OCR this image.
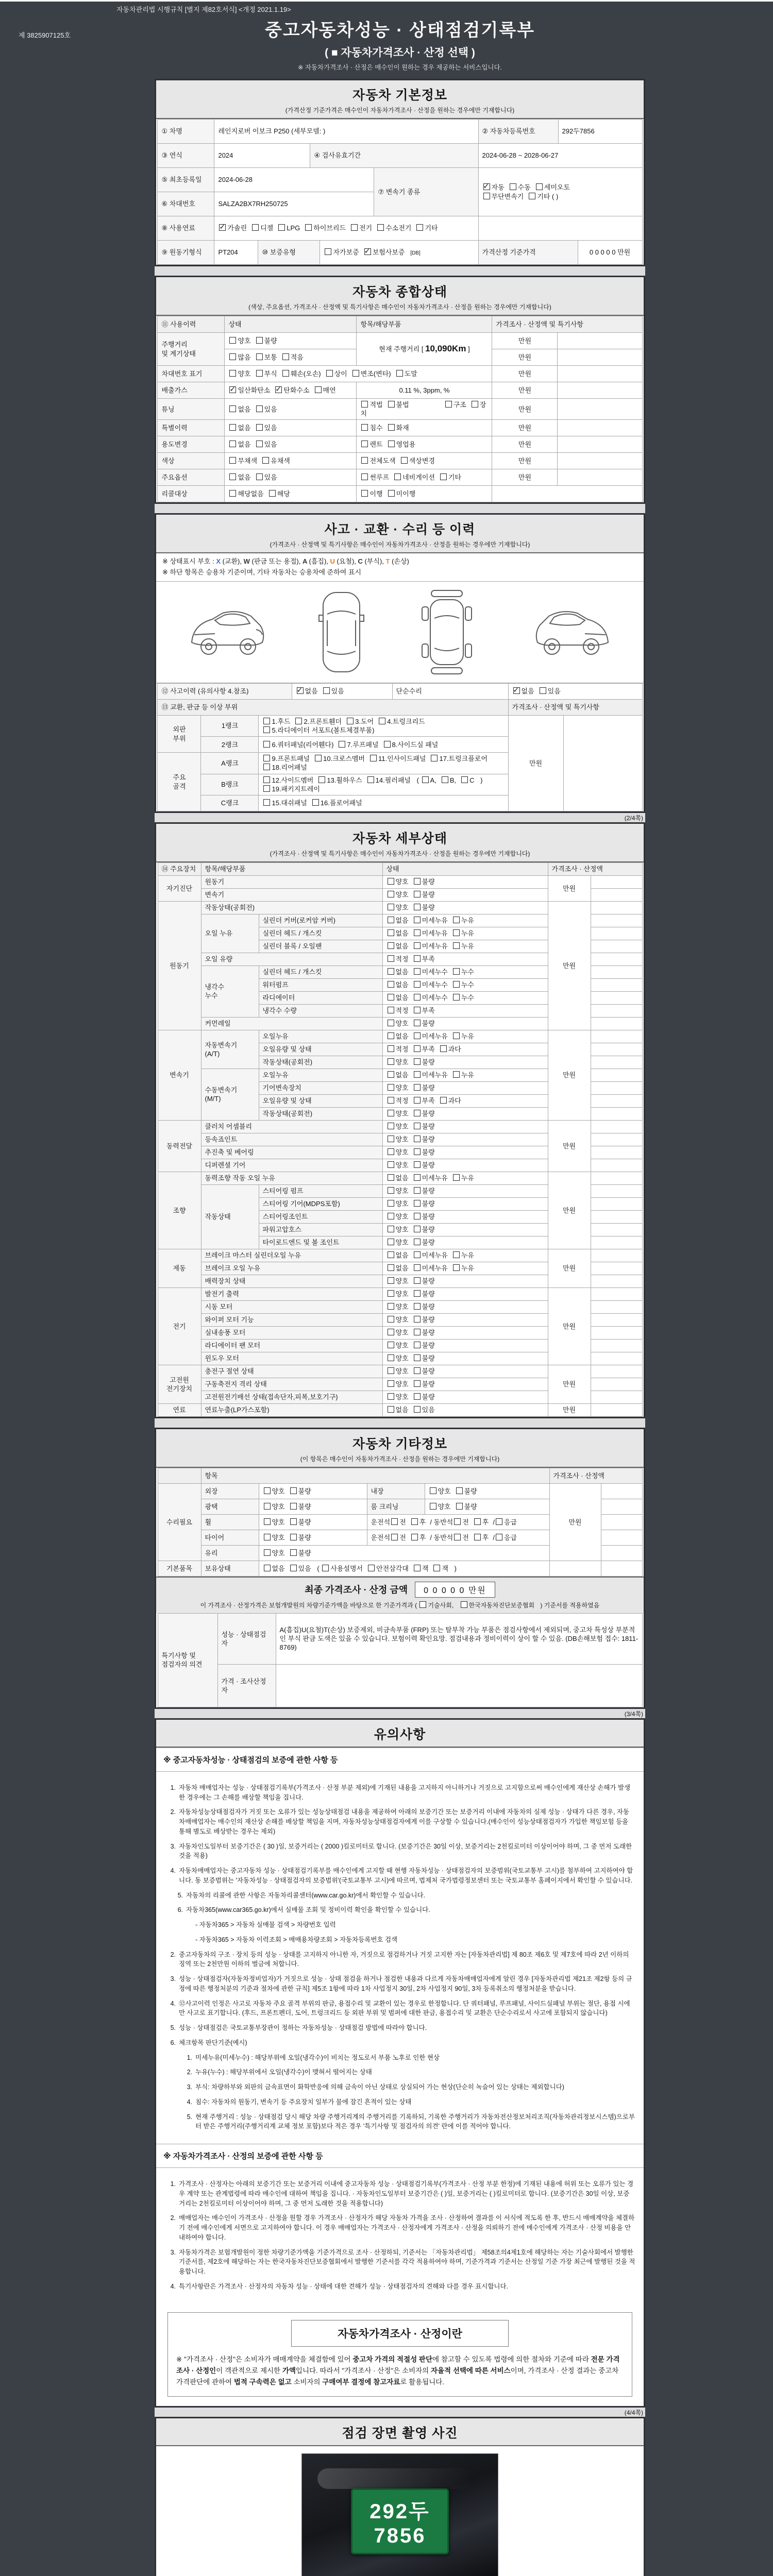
자동차관리법 시행규칙 [별지 제82호서식] <개정 2021.1.19>
제 3825907125호	중고자동차성능 · 상태점검기록부
( ■ 자동차가격조사 · 산정 선택 )
※ 자동차가격조사 · 산정은 매수인이 원하는 경우 제공하는 서비스입니다.
자동차 기본정보
(가격산정 기준가격은 매수인이 자동차가격조사 · 산정을 원하는 경우에만 기재합니다)
① 차명	레인지로버 이보크 P250 (세부모델: )					② 자동차등록번호	292두7856	
③ 연식	2024		④ 검사유효기간			2024-06-28 ~ 2028-06-27		
⑤ 최초등록일	2024-06-28				⑦ 변속기 종류	✓자동 수동 세미오토
무단변속기 기타 ( )
⑥ 차대번호	SALZA2BX7RH250725							
⑧ 사용연료	✓가솔린 디젤 LPG 하이브리드 전기 수소전기 기타	
⑨ 원동기형식	PT204	⑩ 보증유형		자가보증 ✓ 보험사보증 [DB]		가격산정 기준가격		0 0 0 0 0 만원
자동차 종합상태
(색상, 주요옵션, 가격조사 · 산정액 및 특기사항은 매수인이 자동차가격조사 · 산정을 원하는 경우에만 기재합니다)
⑪ 사용이력	상태	항목/해당부품	가격조사 · 산정액 및 특기사항	
주행거리
및 계기상태	양호 불량	현재 주행거리 [ 10,090Km ]	만원	
	많음 보통 적음		만원	
차대번호 표기	양호 부식 훼손(오손) 상이 변조(변타) 도말		만원	
배출가스	✓일산화탄소 ✓ 탄화수소 매연	0.11 %, 3ppm, %	만원	
튜닝	없음 있음	적법 불법 구조 장치	만원	
특별이력	없음 있음	침수 화재	만원	
용도변경	없음 있음	렌트 영업용	만원	
색상	무채색 유채색	전체도색 색상변경	만원	
주요옵션	없음 있음	썬루프 네비게이션 기타	만원	
리콜대상	해당없음 해당	이행 미이행		
사고 · 교환 · 수리 등 이력
(가격조사 · 산정액 및 특기사항은 매수인이 자동차가격조사 · 산정을 원하는 경우에만 기재합니다)
※ 상태표시 부호 : X (교환), W (판금 또는 용접), A (흠집), U (요철), C (부식), T (손상)
※ 하단 항목은 승용차 기준이며, 기타 자동차는 승용차에 준하여 표시
⑫ 사고이력 (유의사항 4.참조)	✓없음 있음	단순수리	✓없음 있음
⑬ 교환, 판금 등 이상 부위					가격조사 · 산정액 및 특기사항	
외판
부위	1랭크	1.후드 2.프론트휀더 3.도어 4.트렁크리드
5.라디에이터 서포트(볼트체결부품)			만원	
	2랭크	6.쿼터패널(리어휀다) 7.루프패널 8.사이드실 패널				
주요
골격	A랭크	9.프론트패널 10.크로스멤버 11.인사이드패널 17.트렁크플로어
18.리어패널				
	B랭크	12.사이드멤버 13.휠하우스 14.필러패널 ( A, B, C )
19.패키지트레이				
	C랭크	15.대쉬패널 16.플로어패널				
(2/4쪽)
자동차 세부상태
(가격조사 · 산정액 및 특기사항은 매수인이 자동차가격조사 · 산정을 원하는 경우에만 기재합니다)
⑭ 주요장치	항목/해당부품		상태	가격조사 · 산정액	
자기진단	원동기		양호 불량	만원	
	변속기		양호 불량		
원동기	작동상태(공회전)		양호 불량	만원	
	오일 누유	실린더 커버(로커암 커버)	없음 미세누유 누유		
		실린더 헤드 / 개스킷	없음 미세누유 누유		
		실린더 블록 / 오일팬	없음 미세누유 누유		
	오일 유량		적정 부족		
	냉각수
누수	실린더 헤드 / 개스킷	없음 미세누수 누수		
		워터펌프	없음 미세누수 누수		
		라디에이터	없음 미세누수 누수		
		냉각수 수량	적정 부족		
	커먼레일		양호 불량		
변속기	자동변속기
(A/T)	오일누유	없음 미세누유 누유	만원	
		오일유량 및 상태	적정 부족 과다		
		작동상태(공회전)	양호 불량		
	수동변속기
(M/T)	오일누유	없음 미세누유 누유		
		기어변속장치	양호 불량		
		오일유량 및 상태	적정 부족 과다		
		작동상태(공회전)	양호 불량		
동력전달	클러치 어셈블리		양호 불량	만원	
	등속죠인트		양호 불량		
	추진축 및 베어링		양호 불량		
	디퍼렌셜 기어		양호 불량		
조향	동력조향 작동 오일 누유		없음 미세누유 누유	만원	
	작동상태	스티어링 펌프	양호 불량		
		스티어링 기어(MDPS포함)	양호 불량		
		스티어링조인트	양호 불량		
		파워고압호스	양호 불량		
		타이로드엔드 및 볼 조인트	양호 불량		
제동	브레이크 마스터 실린더오일 누유		없음 미세누유 누유	만원	
	브레이크 오일 누유		없음 미세누유 누유		
	배력장치 상태		양호 불량		
전기	발전기 출력		양호 불량	만원	
	시동 모터		양호 불량		
	와이퍼 모터 기능		양호 불량		
	실내송풍 모터		양호 불량		
	라디에이터 팬 모터		양호 불량		
	윈도우 모터		양호 불량		
고전원
전기장치	충전구 절연 상태		양호 불량	만원	
	구동축전지 격리 상태		양호 불량		
	고전원전기배선 상태(접속단자,피복,보호기구)		양호 불량		
연료	연료누출(LP가스포함)		없음 있음	만원	
자동차 기타정보
(이 항목은 매수인이 자동차가격조사 · 산정을 원하는 경우에만 기재합니다)
	항목				가격조사 · 산정액	
수리필요	외장	양호 불량	내장	양호 불량	만원	
	광택	양호 불량	룸 크리닝	양호 불량		
	휠	양호 불량	운전석 전 후 / 동반석 전 후 / 응급			
	타이어	양호 불량	운전석 전 후 / 동반석 전 후 / 응급			
	유리	양호 불량				
기본품목	보유상태	없음 있음 ( 사용설명서 안전삼각대 잭 잭 )				
최종 가격조사 · 산정 금액 0 0 0 0 0 만원
이 가격조사 · 산정가격은 보험개발원의 차량기준가액을 바탕으로 한 기준가격과 ( 기술사회, 한국자동차진단보증협회 ) 기준서를 적용하였음
특기사항 및
점검자의 의견	성능 · 상태점검자	A(흠집)U(요철)T(손상) 보증제외, 비금속부품 (FRP) 또는 탈부착 가능 부품은 점검사항에서 제외되며, 중고차 특성상 부분적인 부식 판금 도색은 있을 수 있습니다. 보험이력 확인요망. 점검내용과 정비이력이 상이 할 수 있음. (DB손해보험 접수: 1811-8769)
	가격 · 조사산정자	
(3/4쪽)
유의사항
※ 중고자동차성능 · 상태점검의 보증에 관한 사항 등
1. 자동차 매매업자는 성능 · 상태점검기록부(가격조사 · 산정 부분 제외)에 기재된 내용을 고지하지 아니하거나 거짓으로 고지함으로써 매수인에게 재산상 손해가 발생한 경우에는 그 손해를 배상할 책임을 집니다.
2. 자동차성능상태점검자가 거짓 또는 오류가 있는 성능상태점검 내용을 제공하여 아래의 보증기간 또는 보증거리 이내에 자동차의 실제 성능 · 상태가 다른 경우, 자동차매매업자는 매수인의 재산상 손해를 배상할 책임을 지며, 자동차성능상태점검자에게 이를 구상할 수 있습니다.(매수인이 성능상태점검자가 가입한 책임보험 등을 통해 별도로 배상받는 경우는 제외)
3. 자동차인도일부터 보증기간은 ( 30 )일, 보증거리는 ( 2000 )킬로미터로 합니다. (보증기간은 30일 이상, 보증거리는 2천킬로미터 이상이어야 하며, 그 중 먼저 도래한 것을 적용)
4. 자동차매매업자는 중고자동차 성능 · 상태점검기록부를 매수인에게 고지할 때 현행 자동차성능 · 상태점검자의 보증범위(국토교통부 고시)를 첨부하여 고지하여야 합니다. 동 보증범위는 '자동차성능 · 상태점검자의 보증범위'(국토교통부 고시)에 따르며, 법제처 국가법령정보센터 또는 국토교통부 홈페이지에서 확인할 수 있습니다.
5. 자동차의 리콜에 관한 사항은 자동차리콜센터(www.car.go.kr)에서 확인할 수 있습니다.
6. 자동차365(www.car365.go.kr)에서 실매물 조회 및 정비이력 확인을 확인할 수 있습니다.
- 자동차365 > 자동차 실매물 검색 > 차량번호 입력
- 자동차365 > 자동차 이력조회 > 매매용차량조회 > 자동차등록번호 검색
2. 중고자동차의 구조 · 장치 등의 성능 · 상태를 고지하지 아니한 자, 거짓으로 점검하거나 거짓 고지한 자는 [자동차관리법] 제 80조 제6호 및 제7호에 따라 2년 이하의 징역 또는 2천만원 이하의 벌금에 처합니다.
3. 성능 · 상태점검자(자동차정비업자)가 거짓으로 성능 · 상태 점검을 하거나 점검한 내용과 다르게 자동차매매업자에게 알린 경우 [자동차관리법 제21조 제2항 등의 규정에 따른 행정처분의 기준과 절차에 관한 규칙] 제5조 1항에 따라 1차 사업정지 30일, 2차 사업정지 90일, 3차 등록취소의 행정처분을 받습니다.
4. ⑫사고이력 인정은 사고로 자동차 주요 골격 부위의 판금, 용접수리 및 교환이 있는 경우로 한정합니다. 단 쿼터패널, 루프패널, 사이드실패널 부위는 절단, 용접 시에만 사고로 표기합니다. (후드, 프론트펜더, 도어, 트렁크리드 등 외판 부위 및 범퍼에 대한 판금, 용접수리 및 교환은 단순수리로서 사고에 포함되지 않습니다)
5. 성능 · 상태점검은 국토교통부장관이 정하는 자동차성능 · 상태점검 방법에 따라야 합니다.
6. 체크항목 판단기준(예시)
1. 미세누유(미세누수) : 해당부위에 오일(냉각수)이 비치는 정도로서 부품 노후로 인한 현상
2. 누유(누수) : 해당부위에서 오일(냉각수)이 맺혀서 떨어지는 상태
3. 부식: 차량하부와 외판의 금속표면이 화학반응에 의해 금속이 아닌 상태로 상실되어 가는 현상(단순히 녹슬어 있는 상태는 제외합니다)
4. 침수: 자동차의 원동기, 변속기 등 주요장치 일부가 물에 잠긴 흔적이 있는 상태
5. 현재 주행거리 : 성능 · 상태점검 당시 해당 차량 주행거리계의 주행거리를 기록하되, 기록한 주행거리가 자동차전산정보처리조직(자동차관리정보시스템)으로부터 받은 주행거리(주행거리계 교체 정보 포함)보다 적은 경우 '특기사항 및 점검자의 의견' 란에 이를 적어야 합니다.
※ 자동차가격조사 · 산정의 보증에 관한 사항 등
1. 가격조사 · 산정자는 아래의 보증기간 또는 보증거리 이내에 중고자동차 성능 · 상태점검기록부(가격조사 · 산정 부분 한정)에 기재된 내용에 허위 또는 오류가 있는 경우 계약 또는 관계법령에 따라 매수인에 대하여 책임을 집니다. · 자동차인도일부터 보증기간은 ( )일, 보증거리는 ( )킬로미터로 합니다. (보증기간은 30일 이상, 보증거리는 2천킬로미터 이상이어야 하며, 그 중 먼저 도래한 것을 적용합니다)
2. 매매업자는 매수인이 가격조사 · 산정을 원할 경우 가격조사 · 산정자가 해당 자동차 가격을 조사 · 산정하여 결과를 이 서식에 적도록 한 후, 반드시 매매계약을 체결하기 전에 매수인에게 서면으로 고지하여야 합니다. 이 경우 매매업자는 가격조사 · 산정자에게 가격조사 · 산정을 의뢰하기 전에 매수인에게 가격조사 · 산정 비용을 안내하여야 합니다.
3. 자동차가격은 보험개발원이 정한 차량기준가액을 기준가격으로 조사 · 산정하되, 기준서는 「자동차관리법」 제58조의4제1호에 해당하는 자는 기술사회에서 발행한 기준서를, 제2호에 해당하는 자는 한국자동차진단보증협회에서 발행한 기준서를 각각 적용하여야 하며, 기준가격과 기준서는 산정일 기준 가장 최근에 발행된 것을 적용합니다.
4. 특기사항란은 가격조사 · 산정자의 자동차 성능 · 상태에 대한 견해가 성능 · 상태점검자의 견해와 다를 경우 표시합니다.
자동차가격조사 · 산정이란
※ "가격조사 · 산정"은 소비자가 매매계약을 체결함에 있어 중고차 가격의 적절성 판단에 참고할 수 있도록 법령에 의한 절차와 기준에 따라 전문 가격조사 · 산정인이 객관적으로 제시한 가액입니다. 따라서 "가격조사 · 산정"은 소비자의 자율적 선택에 따른 서비스이며, 가격조사 · 산정 결과는 중고차 가격판단에 관하여 법적 구속력은 없고 소비자의 구매여부 결정에 참고자료로 활용됩니다.
(4/4쪽)
점검 장면 촬영 사진
292두7856
